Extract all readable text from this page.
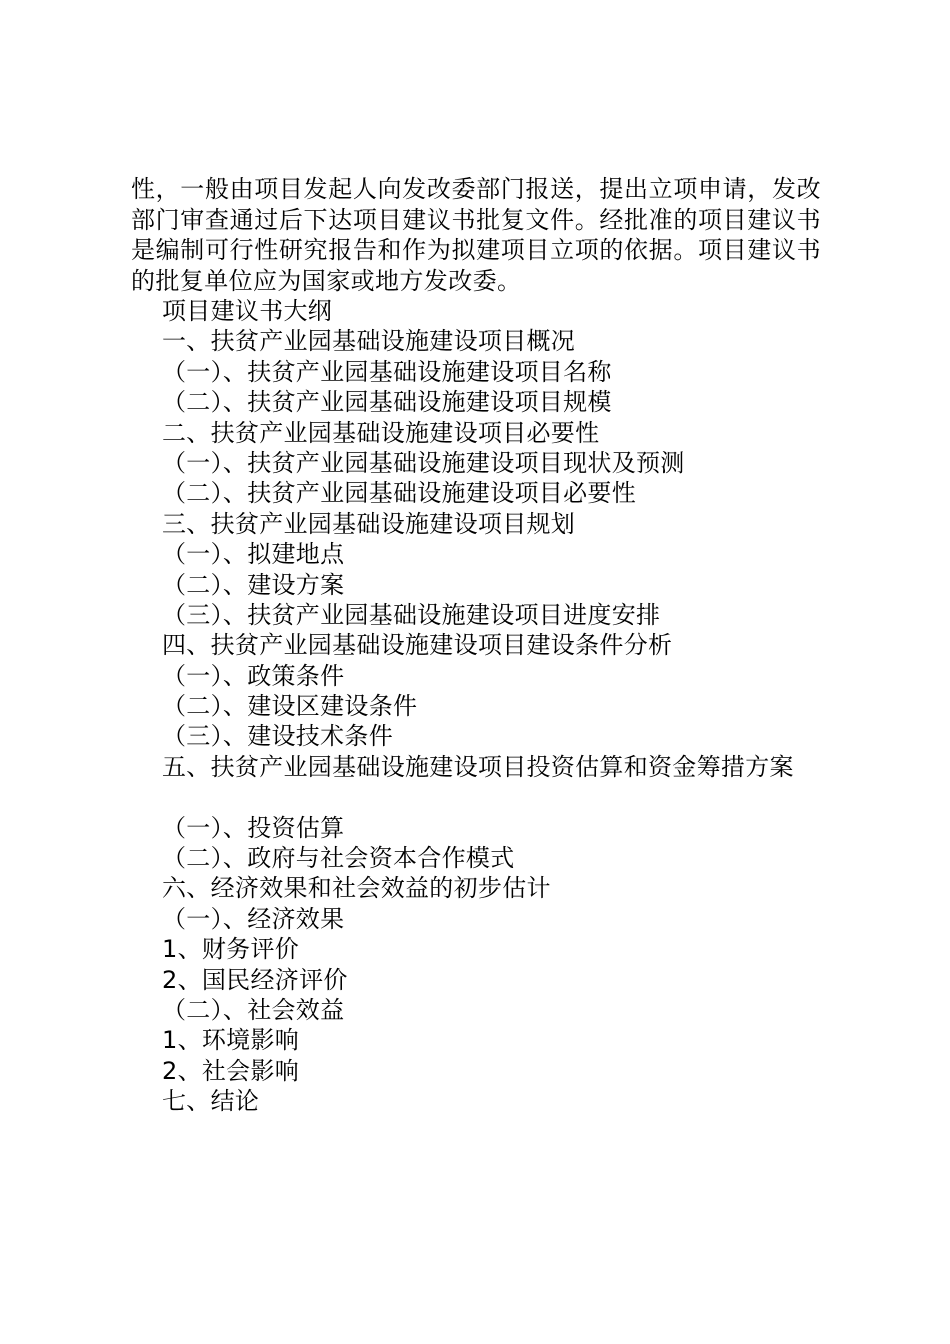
性，一般由项目发起人向发改委部门报送，提出立项申请，发改部门审查通过后下达项目建议书批复文件。经批准的项目建议书是编制可行性研究报告和作为拟建项目立项的依据。项目建议书的批复单位应为国家或地方发改委。

项目建议书大纲
一、扶贫产业园基础设施建设项目概况
（一）、扶贫产业园基础设施建设项目名称
（二）、扶贫产业园基础设施建设项目规模
二、扶贫产业园基础设施建设项目必要性
（一）、扶贫产业园基础设施建设项目现状及预测
（二）、扶贫产业园基础设施建设项目必要性
三、扶贫产业园基础设施建设项目规划
（一）、拟建地点
（二）、建设方案
（三）、扶贫产业园基础设施建设项目进度安排
四、扶贫产业园基础设施建设项目建设条件分析
（一）、政策条件
（二）、建设区建设条件
（三）、建设技术条件
五、扶贫产业园基础设施建设项目投资估算和资金筹措方案
（一）、投资估算
（二）、政府与社会资本合作模式
六、经济效果和社会效益的初步估计
（一）、经济效果
1、财务评价
2、国民经济评价
（二）、社会效益
1、环境影响
2、社会影响
七、结论
